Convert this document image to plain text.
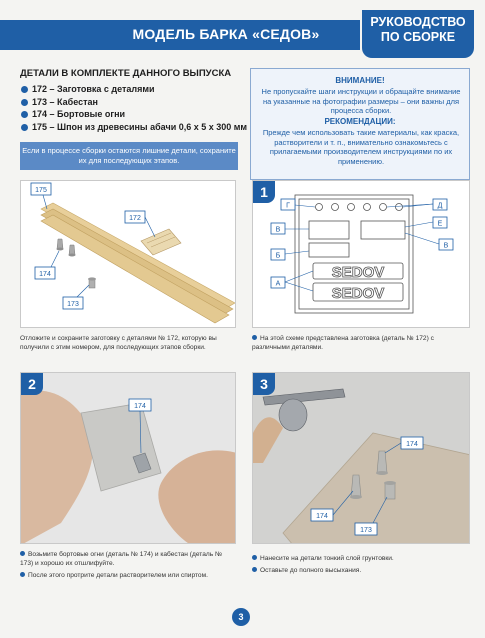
МОДЕЛЬ БАРКА «СЕДОВ»
РУКОВОДСТВО
ПО СБОРКЕ
ДЕТАЛИ В КОМПЛЕКТЕ ДАННОГО ВЫПУСКА
172 – Заготовка с деталями
173 – Кабестан
174 – Бортовые огни
175 – Шпон из древесины абачи 0,6 х 5 х 300 мм
Если в процессе сборки остаются лишние детали, сохраните их для последующих этапов.
ВНИМАНИЕ!
Не пропускайте шаги инструкции и обращайте внимание на указанные на фотографии размеры – они важны для процесса сборки.
РЕКОМЕНДАЦИИ:
Прежде чем использовать такие материалы, как краска, растворители и т. п., внимательно ознакомьтесь с прилагаемыми производителем инструкциями по их применению.
175
172
174
173
Отложите и сохраните заготовку с деталями № 172, которую вы получили с этим номером, для последующих этапов сборки.
SEDOV
SEDOV
Г	Д
Е
В
В
Б
А
1
На этой схеме представлена заготовка (деталь № 172) с различными деталями.
174
2
Возьмите бортовые огни (деталь № 174) и кабестан (деталь № 173) и хорошо их отшлифуйте.
После этого протрите детали растворителем или спиртом.
174
174
173
3
Нанесите на детали тонкий слой грунтовки.
Оставьте до полного высыхания.
3
